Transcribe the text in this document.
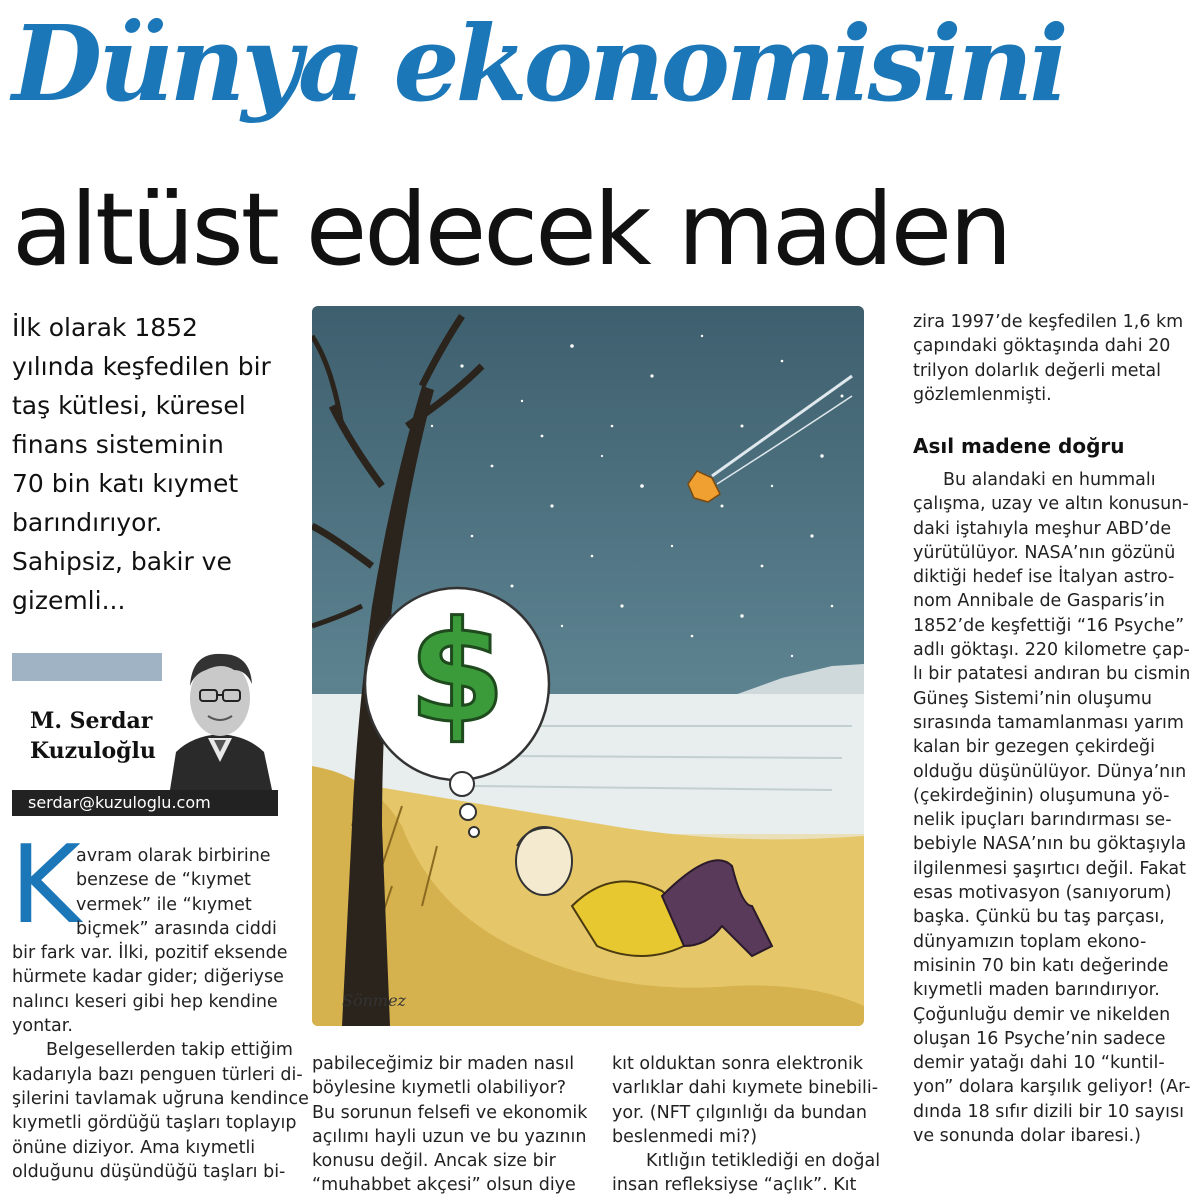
Dünya ekonomisini
altüst edecek maden
İlk olarak 1852
yılında keşfedilen bir
taş kütlesi, küresel
finans sisteminin
70 bin katı kıymet
barındırıyor.
Sahipsiz, bakir ve
gizemli...
M. Serdar
Kuzuloğlu
serdar@kuzuloglu.com
K
avram olarak birbirine
benzese de “kıymet
vermek” ile “kıymet
biçmek” arasında ciddi
bir fark var. İlki, pozitif eksende
hürmete kadar gider; diğeriyse
nalıncı keseri gibi hep kendine
yontar.
Belgesellerden takip ettiğim
kadarıyla bazı penguen türleri di-
şilerini tavlamak uğruna kendince
kıymetli gördüğü taşları toplayıp
önüne diziyor. Ama kıymetli
olduğunu düşündüğü taşları bi-
$
Sönmez
pabileceğimiz bir maden nasıl
böylesine kıymetli olabiliyor?
Bu sorunun felsefi ve ekonomik
açılımı hayli uzun ve bu yazının
konusu değil. Ancak size bir
“muhabbet akçesi” olsun diye
kıt olduktan sonra elektronik
varlıklar dahi kıymete binebili-
yor. (NFT çılgınlığı da bundan
beslenmedi mi?)
Kıtlığın tetiklediği en doğal
insan refleksiyse “açlık”. Kıt
zira 1997’de keşfedilen 1,6 km
çapındaki göktaşında dahi 20
trilyon dolarlık değerli metal
gözlemlenmişti.
Asıl madene doğru
Bu alandaki en hummalı
çalışma, uzay ve altın konusun-
daki iştahıyla meşhur ABD’de
yürütülüyor. NASA’nın gözünü
diktiği hedef ise İtalyan astro-
nom Annibale de Gasparis’in
1852’de keşfettiği “16 Psyche”
adlı göktaşı. 220 kilometre çap-
lı bir patatesi andıran bu cismin
Güneş Sistemi’nin oluşumu
sırasında tamamlanması yarım
kalan bir gezegen çekirdeği
olduğu düşünülüyor. Dünya’nın
(çekirdeğinin) oluşumuna yö-
nelik ipuçları barındırması se-
bebiyle NASA’nın bu göktaşıyla
ilgilenmesi şaşırtıcı değil. Fakat
esas motivasyon (sanıyorum)
başka. Çünkü bu taş parçası,
dünyamızın toplam ekono-
misinin 70 bin katı değerinde
kıymetli maden barındırıyor.
Çoğunluğu demir ve nikelden
oluşan 16 Psyche’nin sadece
demir yatağı dahi 10 “kuntil-
yon” dolara karşılık geliyor! (Ar-
dında 18 sıfır dizili bir 10 sayısı
ve sonunda dolar ibaresi.)
